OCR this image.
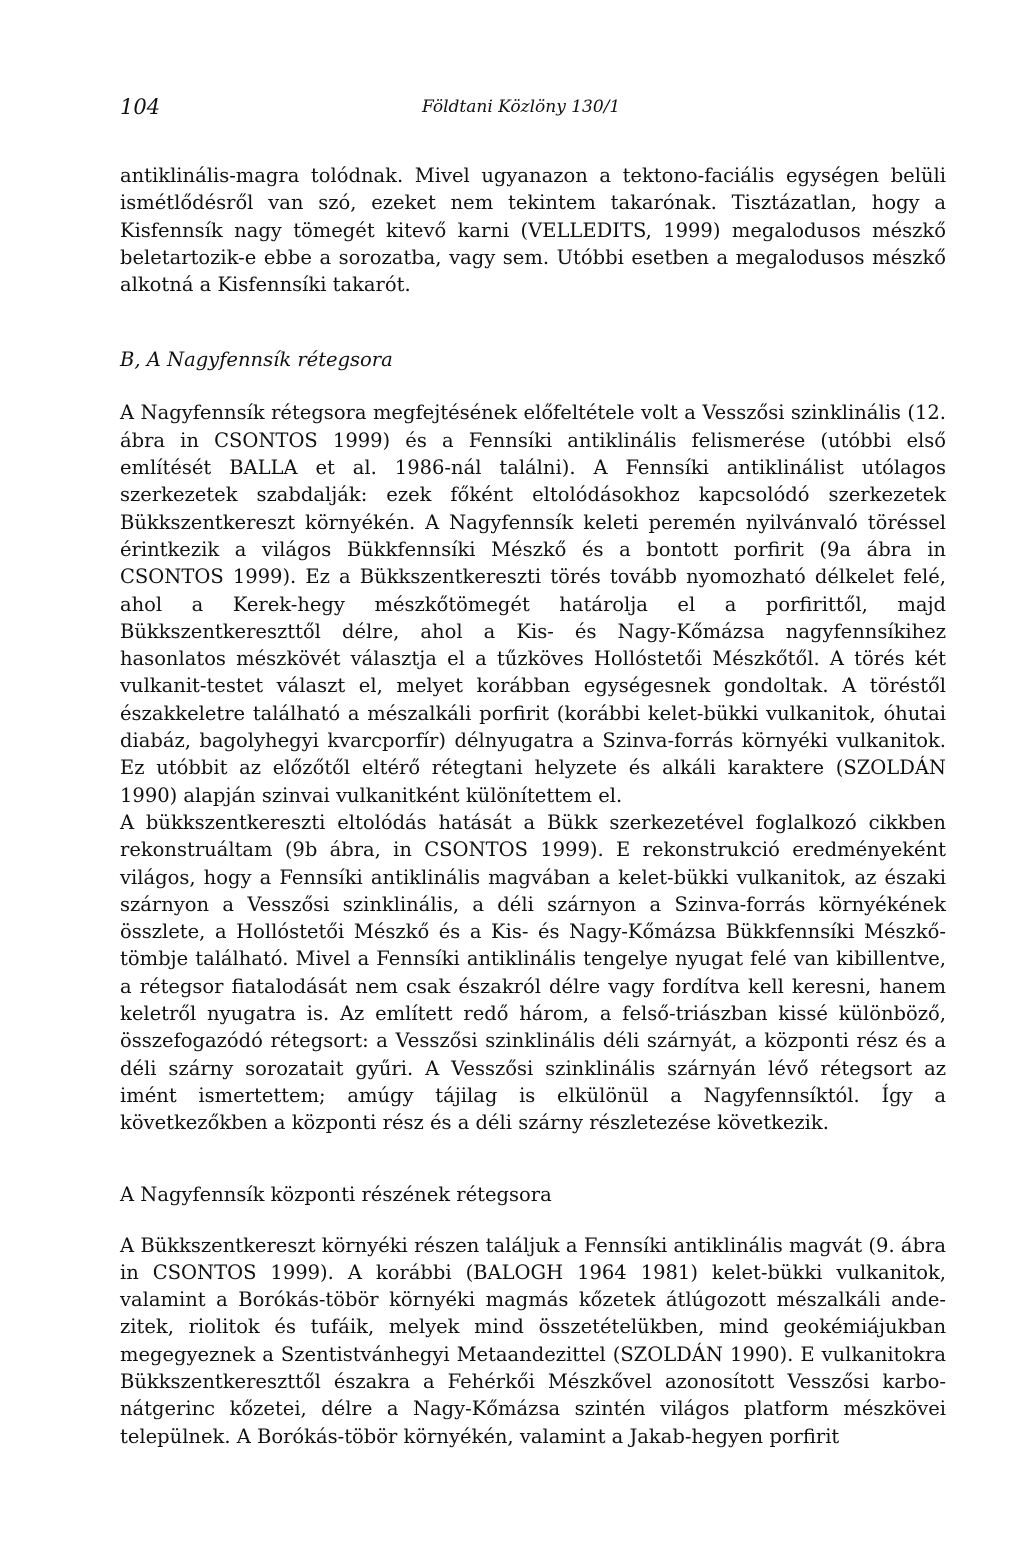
104	Földtani Közlöny 130/1

antiklinális-magra tolódnak. Mivel ugyanazon a tektono-faciális egységen belüli ismétlődésről van szó, ezeket nem tekintem takarónak. Tisztázatlan, hogy a Kisfennsík nagy tömegét kitevő karni (VELLEDITS, 1999) megalodusos mészkő beletartozik-e ebbe a sorozatba, vagy sem. Utóbbi esetben a megalodusos mészkő alkotná a Kisfennsíki takarót.

B, A Nagyfennsík rétegsora

A Nagyfennsík rétegsora megfejtésének előfeltétele volt a Vesszősi szinklinális (12. ábra in CSONTOS 1999) és a Fennsíki antiklinális felismerése (utóbbi első említését BALLA et al. 1986-nál találni). A Fennsíki antiklinálist utólagos szerkezetek szabdalják: ezek főként eltolódásokhoz kapcsolódó szerkezetek Bükkszentkereszt környékén. A Nagyfennsík keleti peremén nyilvánvaló töréssel érintkezik a világos Bükkfennsíki Mészkő és a bontott porfirit (9a ábra in CSONTOS 1999). Ez a Bükkszentkereszti törés tovább nyomozható délkelet felé, ahol a Kerek-hegy mészkőtömegét határolja el a porfirittől, majd Bükkszentkereszttől délre, ahol a Kis- és Nagy-Kőmázsa nagyfennsíkihez hasonlatos mészkövét választja el a tűzköves Hollóstetői Mészkőtől. A törés két vulkanit-testet választ el, melyet korábban egységesnek gondoltak. A töréstől északkeletre található a mészalkáli porfirit (korábbi kelet-bükki vulkanitok, óhutai diabáz, bagolyhegyi kvarcporfír) délnyugatra a Szinva-forrás környéki vulkanitok. Ez utóbbit az előzőtől eltérő rétegtani helyzete és alkáli karaktere (SZOLDÁN 1990) alapján szinvai vulkanitként különítettem el.

A bükkszentkereszti eltolódás hatását a Bükk szerkezetével foglalkozó cikkben rekonstruáltam (9b ábra, in CSONTOS 1999). E rekonstrukció eredményeként világos, hogy a Fennsíki antiklinális magvában a kelet-bükki vulkanitok, az északi szárnyon a Vesszősi szinklinális, a déli szárnyon a Szinva-forrás környékének összlete, a Hollóstetői Mészkő és a Kis- és Nagy-Kőmázsa Bükkfennsíki Mészkőtömbje található. Mivel a Fennsíki antiklinális tengelye nyugat felé van kibillentve, a rétegsor fiatalodását nem csak északról délre vagy fordítva kell keresni, hanem keletről nyugatra is. Az említett redő három, a felső-triászban kissé különböző, összefogazódó rétegsort: a Vesszősi szinklinális déli szárnyát, a központi rész és a déli szárny sorozatait gyűri. A Vesszősi szinklinális szárnyán lévő rétegsort az imént ismertettem; amúgy tájilag is elkülönül a Nagyfennsíktól. Így a következőkben a központi rész és a déli szárny részletezése következik.

A Nagyfennsík központi részének rétegsora

A Bükkszentkereszt környéki részen találjuk a Fennsíki antiklinális magvát (9. ábra in CSONTOS 1999). A korábbi (BALOGH 1964 1981) kelet-bükki vulkanitok, valamint a Borókás-töbör környéki magmás kőzetek átlúgozott mészalkáli andezitek, riolitok és tufáik, melyek mind összetételükben, mind geokémiájukban megegyeznek a Szentistvánhegyi Metaandezittel (SZOLDÁN 1990). E vulkanitokra Bükkszentkereszttől északra a Fehérkői Mészkővel azonosított Vesszősi karbonátgerinc kőzetei, délre a Nagy-Kőmázsa szintén világos platform mészkövei települnek. A Borókás-töbör környékén, valamint a Jakab-hegyen porfirit
